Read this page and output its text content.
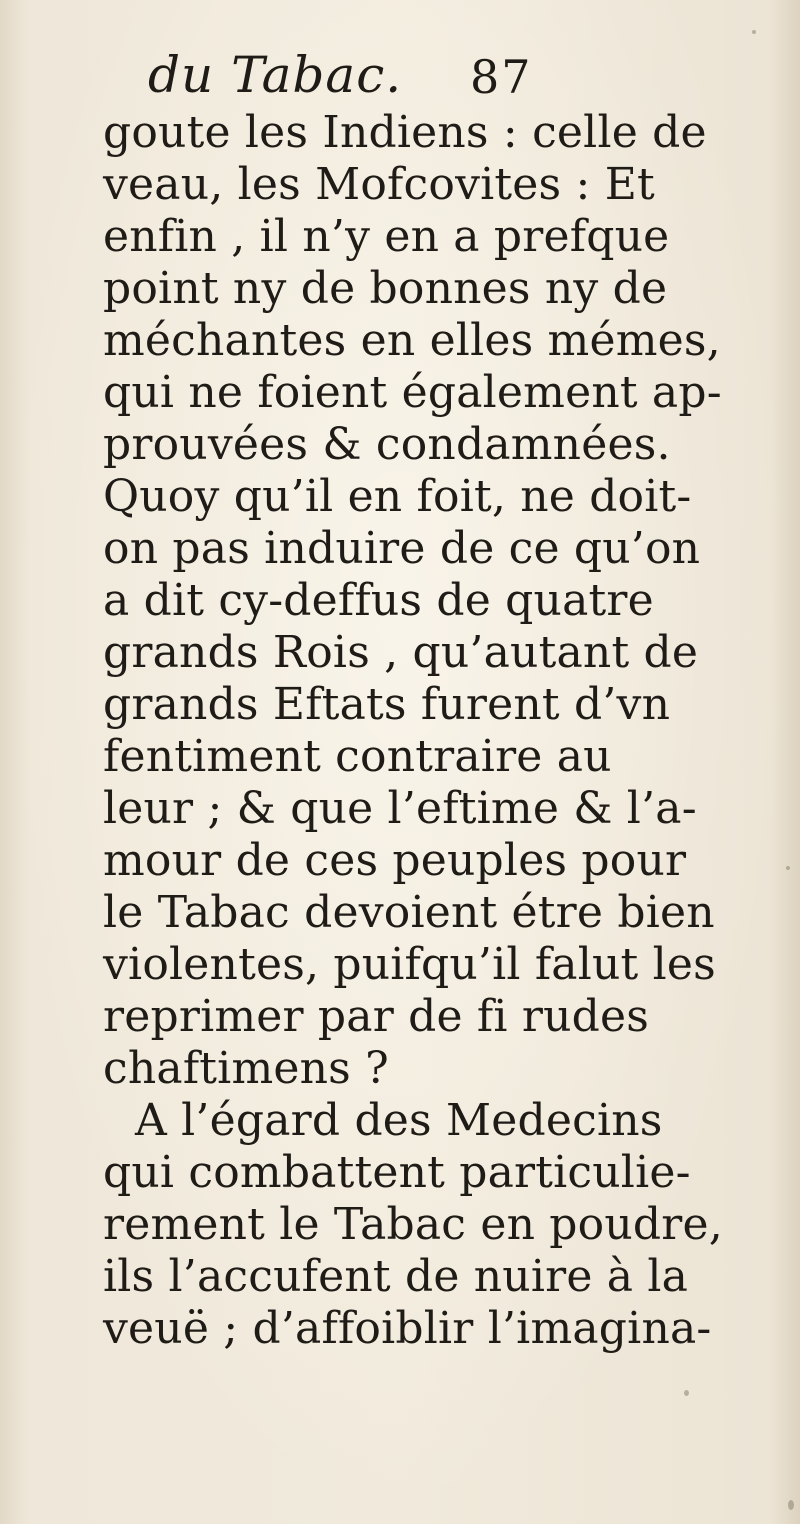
du Tabac. 87
goute les Indiens : celle de
veau, les Mofcovites : Et
enfin , il n’y en a prefque
point ny de bonnes ny de
méchantes en elles mémes,
qui ne foient également ap-
prouvées & condamnées.
Quoy qu’il en foit, ne doit-
on pas induire de ce qu’on
a dit cy-deffus de quatre
grands Rois , qu’autant de
grands Eftats furent d’vn
fentiment contraire au
leur ; & que l’eftime & l’a-
mour de ces peuples pour
le Tabac devoient étre bien
violentes, puifqu’il falut les
reprimer par de fi rudes
chaftimens ?
A l’égard des Medecins
qui combattent particulie-
rement le Tabac en poudre,
ils l’accufent de nuire à la
veuë ; d’affoiblir l’imagina-
